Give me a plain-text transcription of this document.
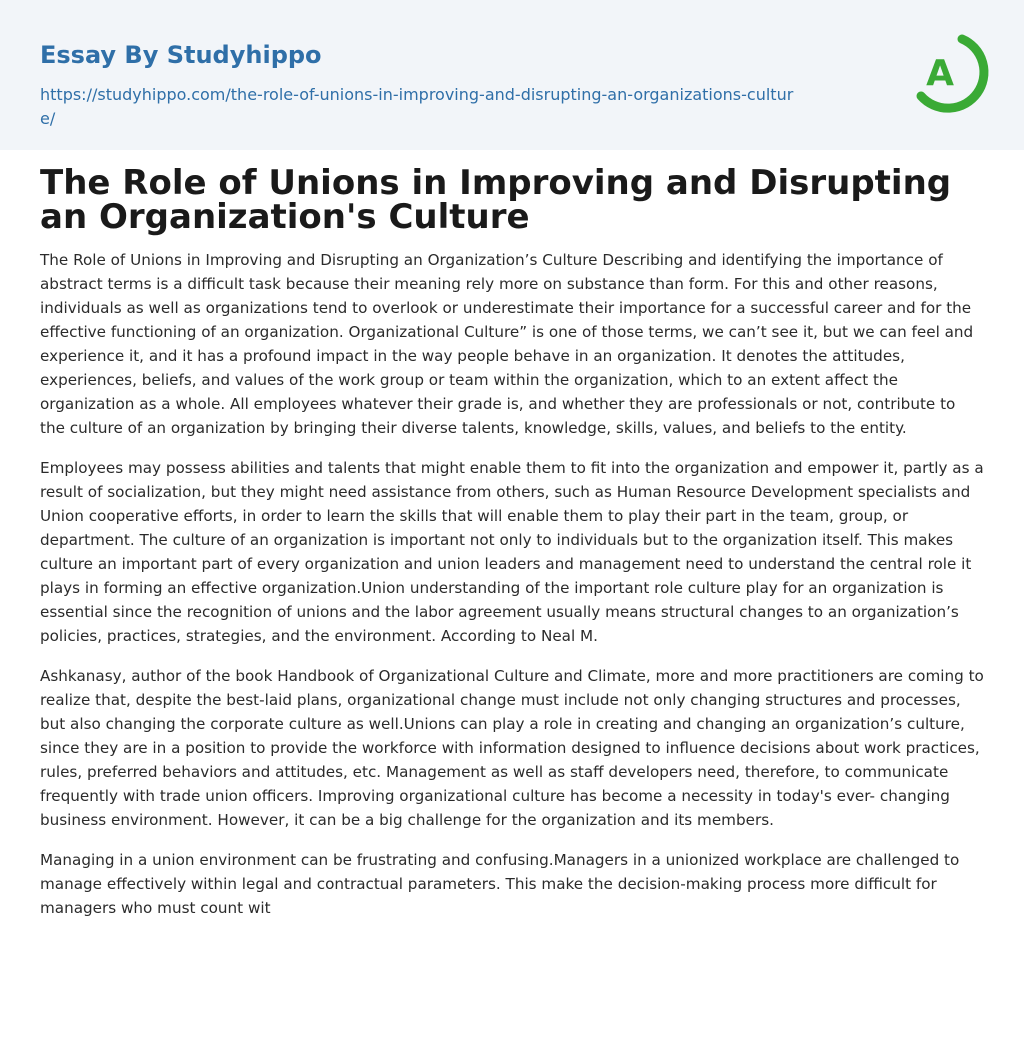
Essay By Studyhippo
https://studyhippo.com/the-role-of-unions-in-improving-and-disrupting-an-organizations-culture/
A
The Role of Unions in Improving and Disrupting an Organization's Culture

The Role of Unions in Improving and Disrupting an Organization’s Culture Describing and identifying the importance of abstract terms is a difficult task because their meaning rely more on substance than form. For this and other reasons, individuals as well as organizations tend to overlook or underestimate their importance for a successful career and for the effective functioning of an organization. Organizational Culture” is one of those terms, we can’t see it, but we can feel and experience it, and it has a profound impact in the way people behave in an organization. It denotes the attitudes, experiences, beliefs, and values of the work group or team within the organization, which to an extent affect the organization as a whole. All employees whatever their grade is, and whether they are professionals or not, contribute to the culture of an organization by bringing their diverse talents, knowledge, skills, values, and beliefs to the entity.

Employees may possess abilities and talents that might enable them to fit into the organization and empower it, partly as a result of socialization, but they might need assistance from others, such as Human Resource Development specialists and Union cooperative efforts, in order to learn the skills that will enable them to play their part in the team, group, or department. The culture of an organization is important not only to individuals but to the organization itself. This makes culture an important part of every organization and union leaders and management need to understand the central role it plays in forming an effective organization.Union understanding of the important role culture play for an organization is essential since the recognition of unions and the labor agreement usually means structural changes to an organization’s policies, practices, strategies, and the environment. According to Neal M.

Ashkanasy, author of the book Handbook of Organizational Culture and Climate, more and more practitioners are coming to realize that, despite the best-laid plans, organizational change must include not only changing structures and processes, but also changing the corporate culture as well.Unions can play a role in creating and changing an organization’s culture, since they are in a position to provide the workforce with information designed to influence decisions about work practices, rules, preferred behaviors and attitudes, etc. Management as well as staff developers need, therefore, to communicate frequently with trade union officers. Improving organizational culture has become a necessity in today's ever- changing business environment. However, it can be a big challenge for the organization and its members.

Managing in a union environment can be frustrating and confusing.Managers in a unionized workplace are challenged to manage effectively within legal and contractual parameters. This make the decision-making process more difficult for managers who must count wit
